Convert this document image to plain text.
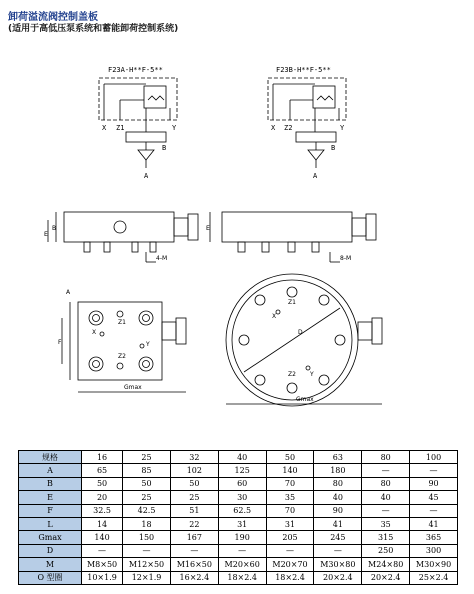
卸荷溢流阀控制盖板
(适用于高低压泵系统和蓄能卸荷控制系统)
F23A-H**F-5**
X Z1	Y
A
B
F23B-H**F-5**
X Z2	Y
A
B
B
E
4-M
E
8-M
A
F
X
Z1
Y
Z2
Gmax
Z1
X
D
Y
Z2
Gmax
规格	16	25	32	40	50	63	80	100
A	65	85	102	125	140	180	—	—
B	50	50	50	60	70	80	80	90
E	20	25	25	30	35	40	40	45
F	32.5	42.5	51	62.5	70	90	—	—
L	14	18	22	31	31	41	35	41
Gmax	140	150	167	190	205	245	315	365
D	—	—	—	—	—	—	250	300
M	M8×50	M12×50	M16×50	M20×60	M20×70	M30×80	M24×80	M30×90
O 型圈	10×1.9	12×1.9	16×2.4	18×2.4	18×2.4	20×2.4	20×2.4	25×2.4
